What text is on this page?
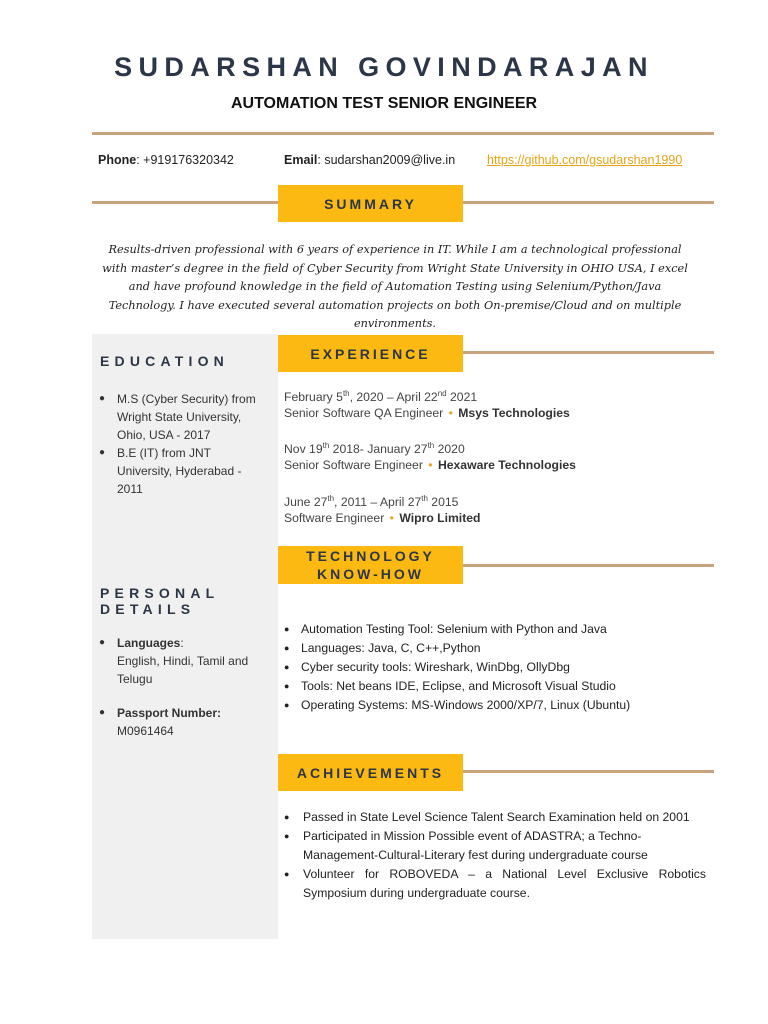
SUDARSHAN GOVINDARAJAN
AUTOMATION TEST SENIOR ENGINEER
Phone: +919176320342	Email: sudarshan2009@live.in	https://github.com/gsudarshan1990
SUMMARY
Results-driven professional with 6 years of experience in IT. While I am a technological professional with master’s degree in the field of Cyber Security from Wright State University in OHIO USA, I excel and have profound knowledge in the field of Automation Testing using Selenium/Python/Java Technology. I have executed several automation projects on both On-premise/Cloud and on multiple environments.
EDUCATION
● M.S (Cyber Security) from Wright State University, Ohio, USA - 2017
● B.E (IT) from JNT University, Hyderabad - 2011
PERSONAL
DETAILS
● Languages:
English, Hindi, Tamil and Telugu
● Passport Number:
M0961464
EXPERIENCE
February 5th, 2020 – April 22nd 2021
Senior Software QA Engineer • Msys Technologies
Nov 19th 2018- January 27th 2020
Senior Software Engineer • Hexaware Technologies
June 27th, 2011 – April 27th 2015
Software Engineer • Wipro Limited
TECHNOLOGY
KNOW-HOW
● Automation Testing Tool: Selenium with Python and Java
● Languages: Java, C, C++,Python
● Cyber security tools: Wireshark, WinDbg, OllyDbg
● Tools: Net beans IDE, Eclipse, and Microsoft Visual Studio
● Operating Systems: MS-Windows 2000/XP/7, Linux (Ubuntu)
ACHIEVEMENTS
● Passed in State Level Science Talent Search Examination held on 2001
● Participated in Mission Possible event of ADASTRA; a Techno-Management-Cultural-Literary fest during undergraduate course
● Volunteer for ROBOVEDA – a National Level Exclusive Robotics Symposium during undergraduate course.
